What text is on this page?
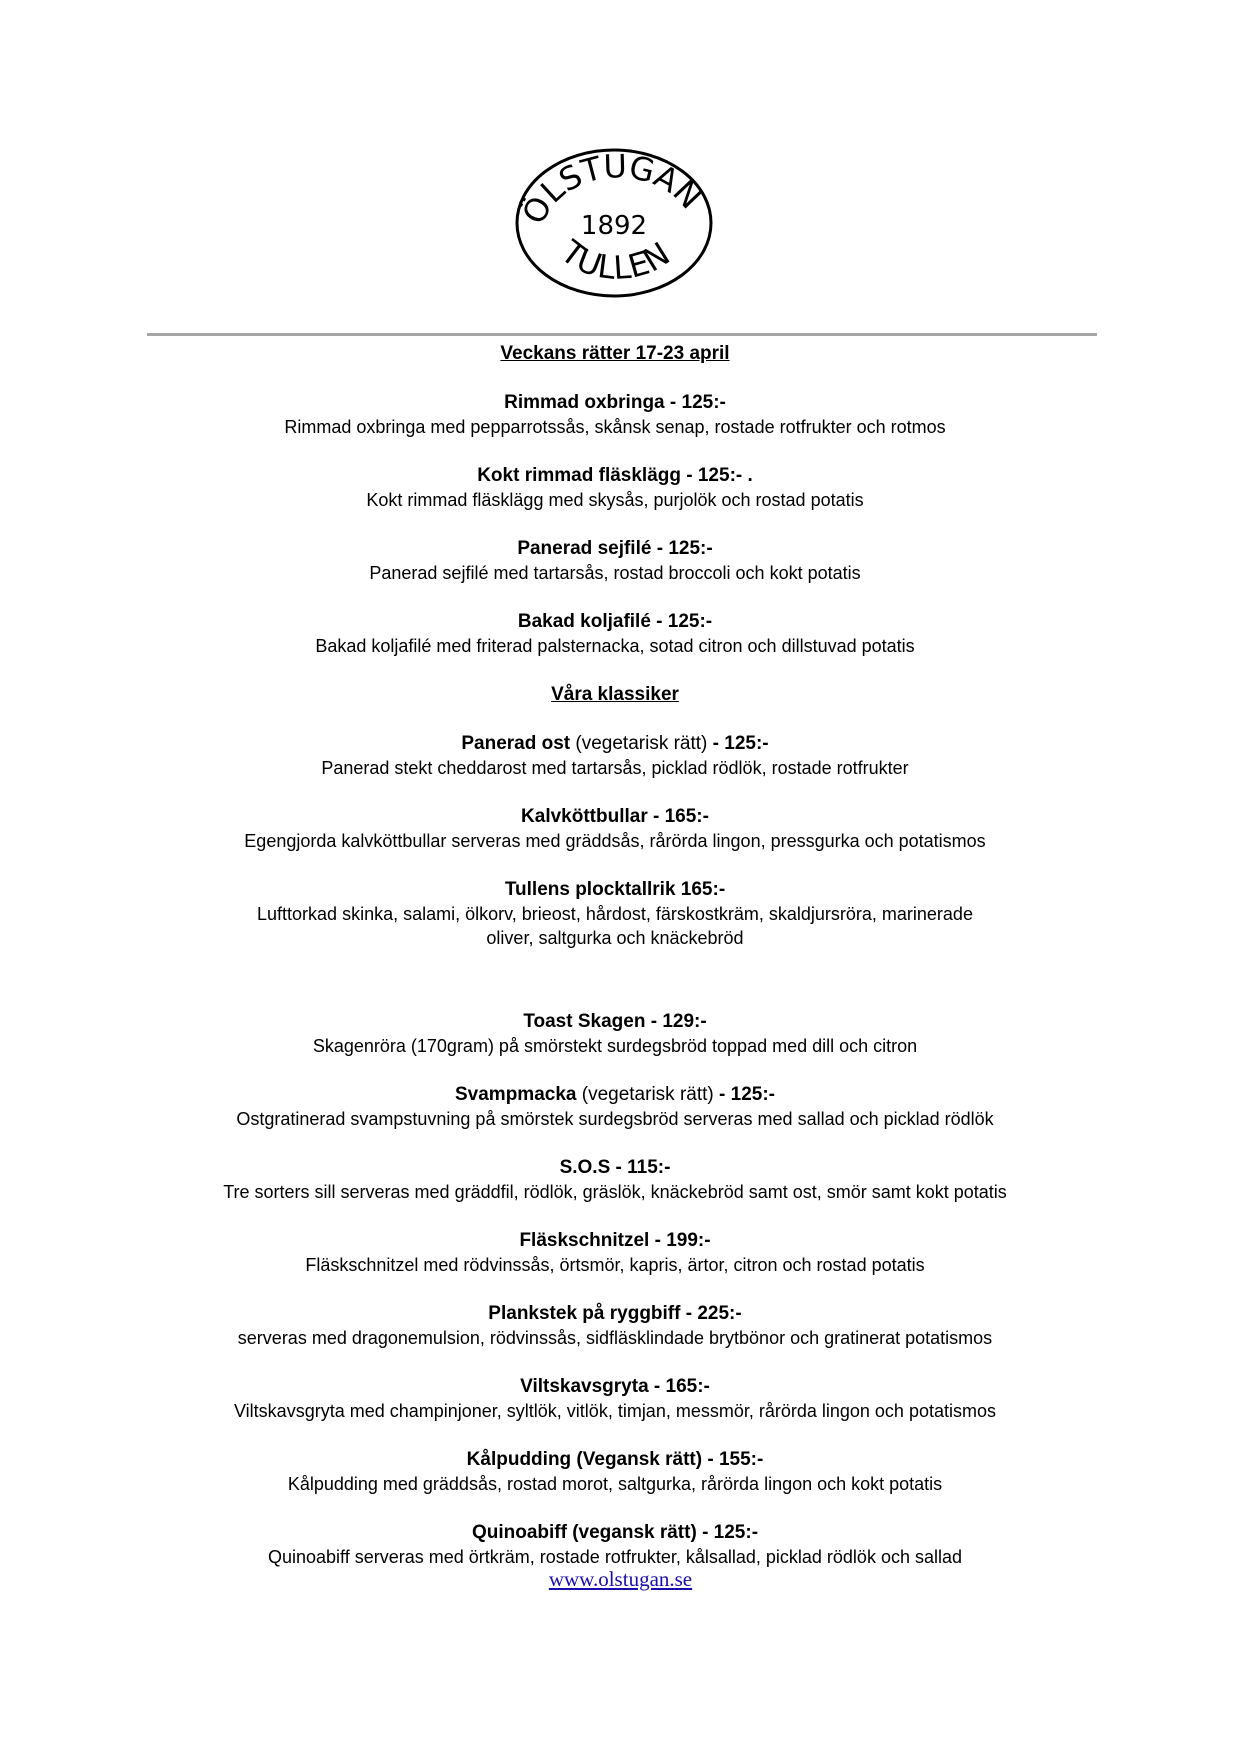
ÖLSTUGAN
1892
TULLEN
Veckans rätter 17-23 april
Rimmad oxbringa - 125:-
Rimmad oxbringa med pepparrotssås, skånsk senap, rostade rotfrukter och rotmos
Kokt rimmad fläsklägg - 125:- .
Kokt rimmad fläsklägg med skysås, purjolök och rostad potatis
Panerad sejfilé - 125:-
Panerad sejfilé med tartarsås, rostad broccoli och kokt potatis
Bakad koljafilé - 125:-
Bakad koljafilé med friterad palsternacka, sotad citron och dillstuvad potatis
Våra klassiker
Panerad ost (vegetarisk rätt) - 125:-
Panerad stekt cheddarost med tartarsås, picklad rödlök, rostade rotfrukter
Kalvköttbullar - 165:-
Egengjorda kalvköttbullar serveras med gräddsås, rårörda lingon, pressgurka och potatismos
Tullens plocktallrik 165:-
Lufttorkad skinka, salami, ölkorv, brieost, hårdost, färskostkräm, skaldjursröra, marinerade
oliver, saltgurka och knäckebröd
Toast Skagen - 129:-
Skagenröra (170gram) på smörstekt surdegsbröd toppad med dill och citron
Svampmacka (vegetarisk rätt) - 125:-
Ostgratinerad svampstuvning på smörstek surdegsbröd serveras med sallad och picklad rödlök
S.O.S - 115:-
Tre sorters sill serveras med gräddfil, rödlök, gräslök, knäckebröd samt ost, smör samt kokt potatis
Fläskschnitzel - 199:-
Fläskschnitzel med rödvinssås, örtsmör, kapris, ärtor, citron och rostad potatis
Plankstek på ryggbiff - 225:-
serveras med dragonemulsion, rödvinssås, sidfläsklindade brytbönor och gratinerat potatismos
Viltskavsgryta - 165:-
Viltskavsgryta med champinjoner, syltlök, vitlök, timjan, messmör, rårörda lingon och potatismos
Kålpudding (Vegansk rätt) - 155:-
Kålpudding med gräddsås, rostad morot, saltgurka, rårörda lingon och kokt potatis
Quinoabiff (vegansk rätt) - 125:-
Quinoabiff serveras med örtkräm, rostade rotfrukter, kålsallad, picklad rödlök och sallad
www.olstugan.se
